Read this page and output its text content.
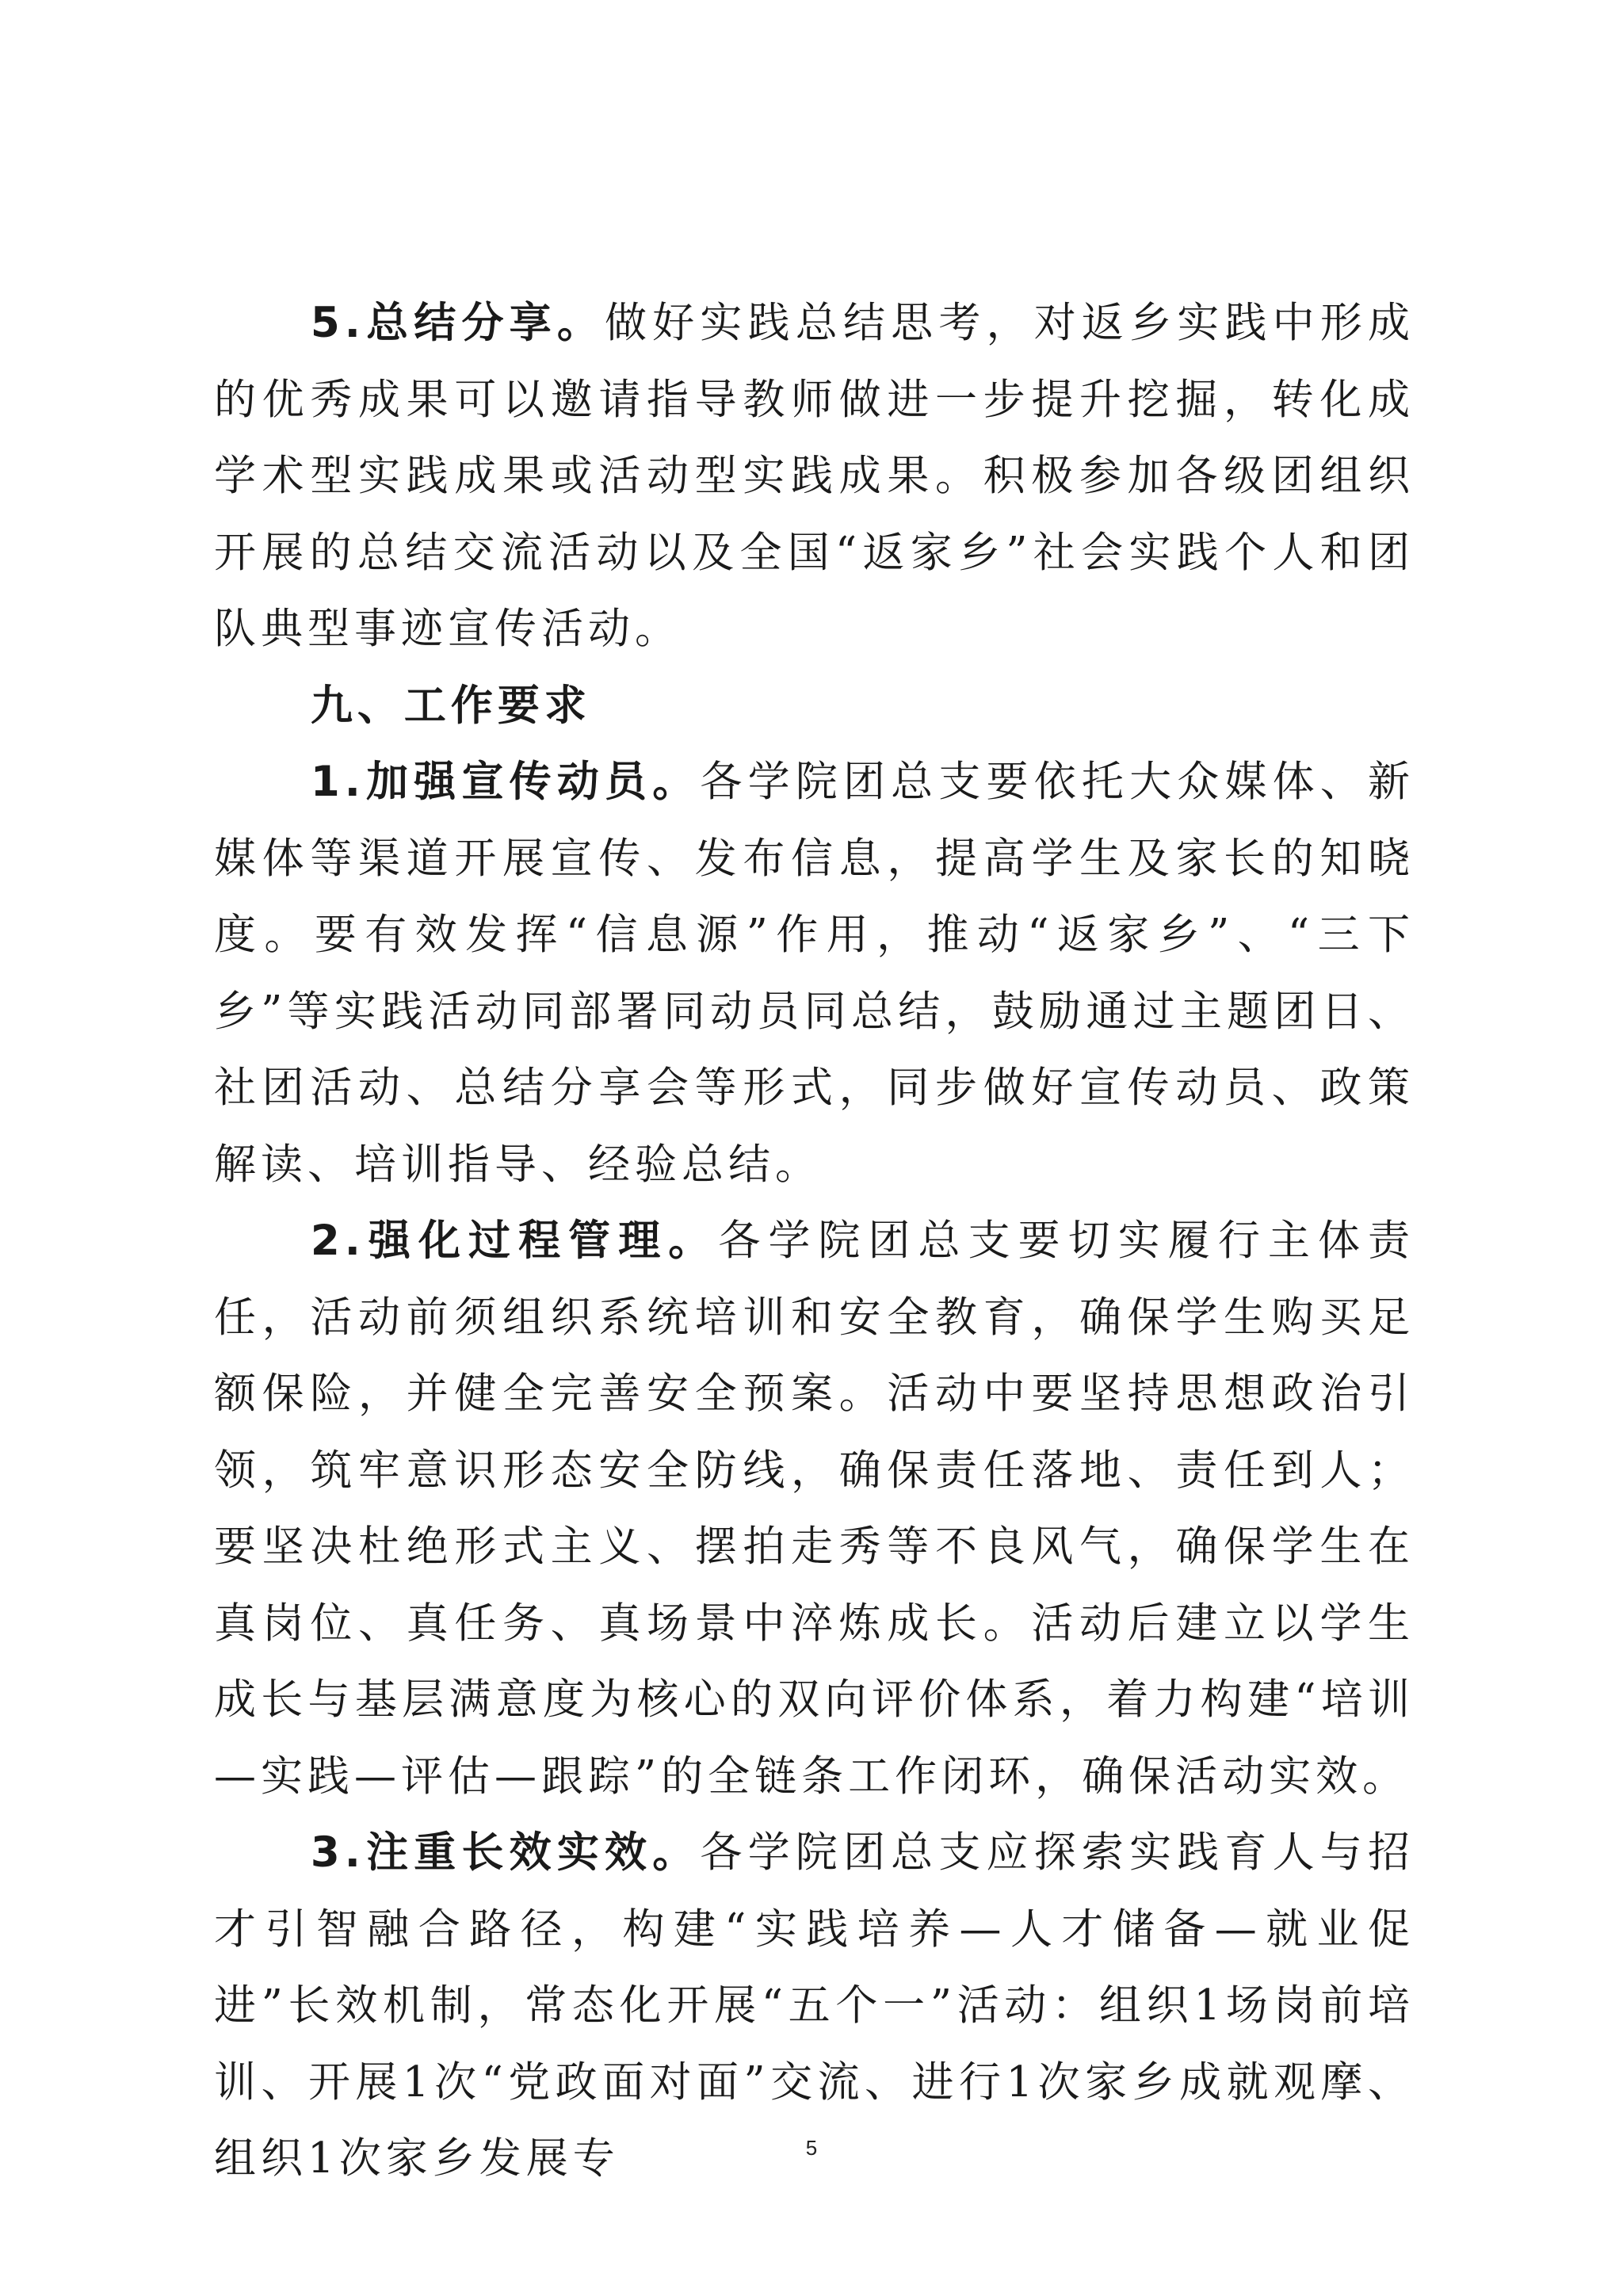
5.总结分享。做好实践总结思考，对返乡实践中形成的优秀成果可以邀请指导教师做进一步提升挖掘，转化成学术型实践成果或活动型实践成果。积极参加各级团组织开展的总结交流活动以及全国“返家乡”社会实践个人和团队典型事迹宣传活动。

九、工作要求

1.加强宣传动员。各学院团总支要依托大众媒体、新媒体等渠道开展宣传、发布信息，提高学生及家长的知晓度。要有效发挥“信息源”作用，推动“返家乡”、“三下乡”等实践活动同部署同动员同总结，鼓励通过主题团日、社团活动、总结分享会等形式，同步做好宣传动员、政策解读、培训指导、经验总结。

2.强化过程管理。各学院团总支要切实履行主体责任，活动前须组织系统培训和安全教育，确保学生购买足额保险，并健全完善安全预案。活动中要坚持思想政治引领，筑牢意识形态安全防线，确保责任落地、责任到人；要坚决杜绝形式主义、摆拍走秀等不良风气，确保学生在真岗位、真任务、真场景中淬炼成长。活动后建立以学生成长与基层满意度为核心的双向评价体系，着力构建“培训—实践—评估—跟踪”的全链条工作闭环，确保活动实效。

3.注重长效实效。各学院团总支应探索实践育人与招才引智融合路径，构建“实践培养—人才储备—就业促进”长效机制，常态化开展“五个一”活动：组织1场岗前培训、开展1次“党政面对面”交流、进行1次家乡成就观摩、组织1次家乡发展专	5
